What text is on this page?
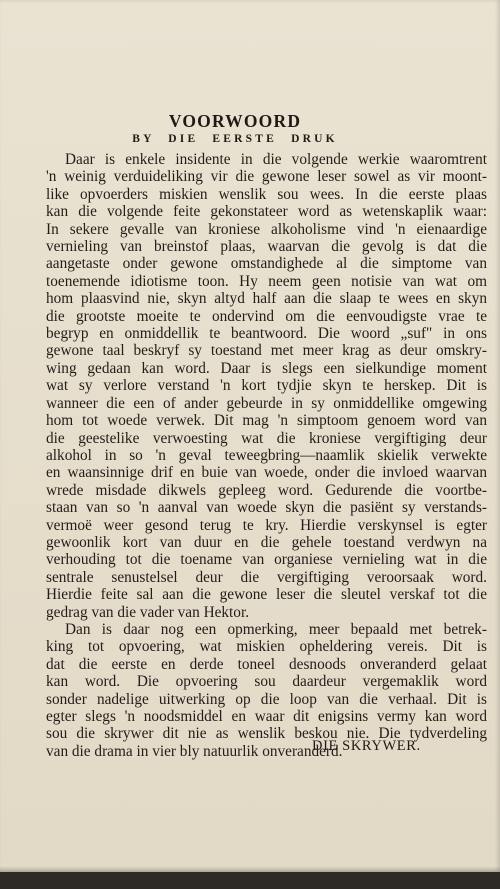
VOORWOORD
BY DIE EERSTE DRUK
Daar is enkele insidente in die volgende werkie waaromtrent
'n weinig verduideliking vir die gewone leser sowel as vir moont-
like opvoerders miskien wenslik sou wees. In die eerste plaas
kan die volgende feite gekonstateer word as wetenskaplik waar:
In sekere gevalle van kroniese alkoholisme vind 'n eienaardige
vernieling van breinstof plaas, waarvan die gevolg is dat die
aangetaste onder gewone omstandighede al die simptome van
toenemende idiotisme toon. Hy neem geen notisie van wat om
hom plaasvind nie, skyn altyd half aan die slaap te wees en skyn
die grootste moeite te ondervind om die eenvoudigste vrae te
begryp en onmiddellik te beantwoord. Die woord „suf" in ons
gewone taal beskryf sy toestand met meer krag as deur omskry-
wing gedaan kan word. Daar is slegs een sielkundige moment
wat sy verlore verstand 'n kort tydjie skyn te herskep. Dit is
wanneer die een of ander gebeurde in sy onmiddellike omgewing
hom tot woede verwek. Dit mag 'n simptoom genoem word van
die geestelike verwoesting wat die kroniese vergiftiging deur
alkohol in so 'n geval teweegbring—naamlik skielik verwekte
en waansinnige drif en buie van woede, onder die invloed waarvan
wrede misdade dikwels gepleeg word. Gedurende die voortbe-
staan van so 'n aanval van woede skyn die pasiënt sy verstands-
vermoë weer gesond terug te kry. Hierdie verskynsel is egter
gewoonlik kort van duur en die gehele toestand verdwyn na
verhouding tot die toename van organiese vernieling wat in die
sentrale senustelsel deur die vergiftiging veroorsaak word.
Hierdie feite sal aan die gewone leser die sleutel verskaf tot die
gedrag van die vader van Hektor.
Dan is daar nog een opmerking, meer bepaald met betrek-
king tot opvoering, wat miskien opheldering vereis. Dit is
dat die eerste en derde toneel desnoods onveranderd gelaat
kan word. Die opvoering sou daardeur vergemaklik word
sonder nadelige uitwerking op die loop van die verhaal. Dit is
egter slegs 'n noodsmiddel en waar dit enigsins vermy kan word
sou die skrywer dit nie as wenslik beskou nie. Die tydverdeling
van die drama in vier bly natuurlik onveranderd.
DIE SKRYWER.
